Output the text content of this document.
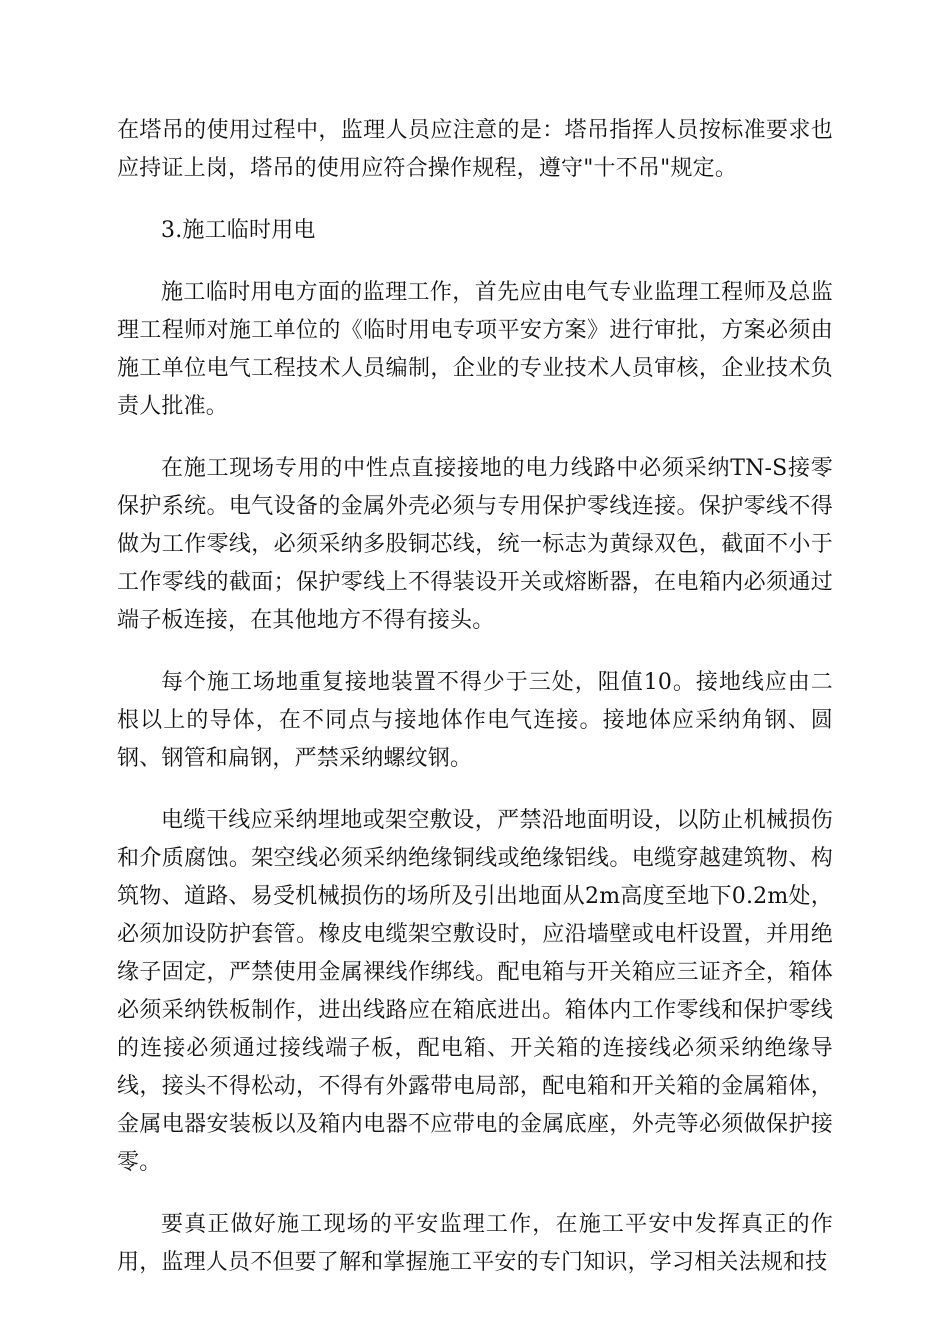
在塔吊的使用过程中，监理人员应注意的是：塔吊指挥人员按标准要求也应持证上岗，塔吊的使用应符合操作规程，遵守"十不吊"规定。

3.施工临时用电

施工临时用电方面的监理工作，首先应由电气专业监理工程师及总监理工程师对施工单位的《临时用电专项平安方案》进行审批，方案必须由施工单位电气工程技术人员编制，企业的专业技术人员审核，企业技术负责人批准。

在施工现场专用的中性点直接接地的电力线路中必须采纳TN-S接零保护系统。电气设备的金属外壳必须与专用保护零线连接。保护零线不得做为工作零线，必须采纳多股铜芯线，统一标志为黄绿双色，截面不小于工作零线的截面；保护零线上不得装设开关或熔断器，在电箱内必须通过端子板连接，在其他地方不得有接头。

每个施工场地重复接地装置不得少于三处，阻值10。接地线应由二根以上的导体，在不同点与接地体作电气连接。接地体应采纳角钢、圆钢、钢管和扁钢，严禁采纳螺纹钢。

电缆干线应采纳埋地或架空敷设，严禁沿地面明设，以防止机械损伤和介质腐蚀。架空线必须采纳绝缘铜线或绝缘铝线。电缆穿越建筑物、构筑物、道路、易受机械损伤的场所及引出地面从2m高度至地下0.2m处，必须加设防护套管。橡皮电缆架空敷设时，应沿墙壁或电杆设置，并用绝缘子固定，严禁使用金属裸线作绑线。配电箱与开关箱应三证齐全，箱体必须采纳铁板制作，进出线路应在箱底进出。箱体内工作零线和保护零线的连接必须通过接线端子板，配电箱、开关箱的连接线必须采纳绝缘导线，接头不得松动，不得有外露带电局部，配电箱和开关箱的金属箱体，金属电器安装板以及箱内电器不应带电的金属底座，外壳等必须做保护接零。

要真正做好施工现场的平安监理工作，在施工平安中发挥真正的作用，监理人员不但要了解和掌握施工平安的专门知识，学习相关法规和技
